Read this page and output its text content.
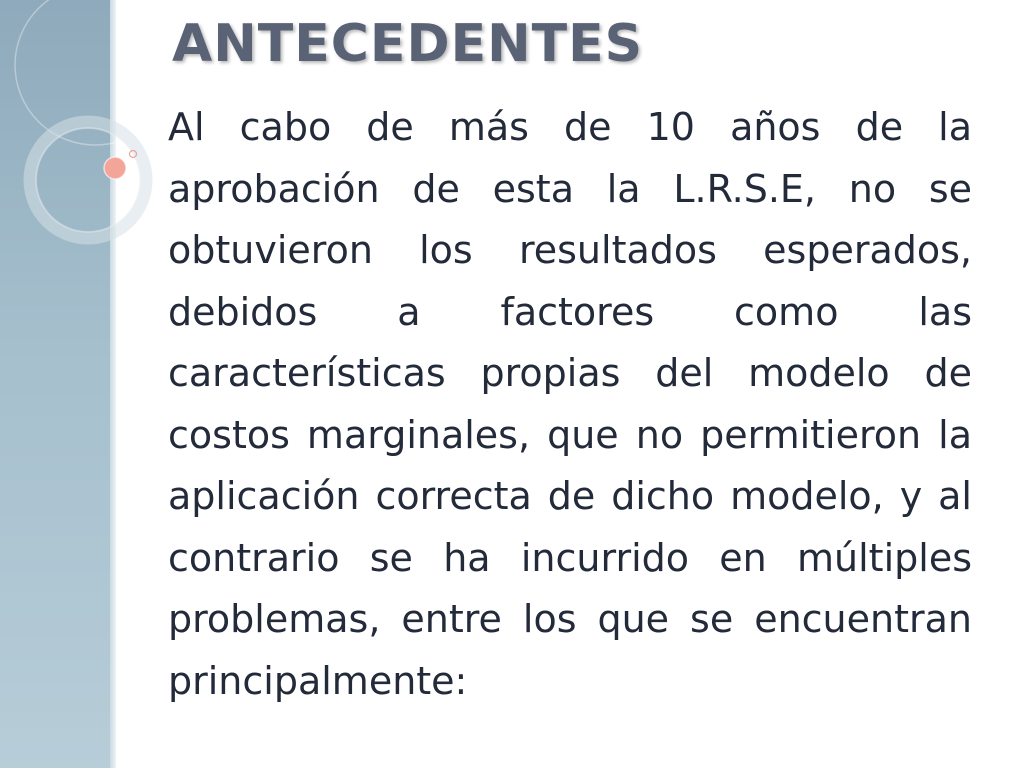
ANTECEDENTES

Al cabo de más de 10 años de la aprobación de esta la L.R.S.E, no se obtuvieron los resultados esperados, debidos a factores como las características propias del modelo de costos marginales, que no permitieron la aplicación correcta de dicho modelo, y al contrario se ha incurrido en múltiples problemas, entre los que se encuentran principalmente:
